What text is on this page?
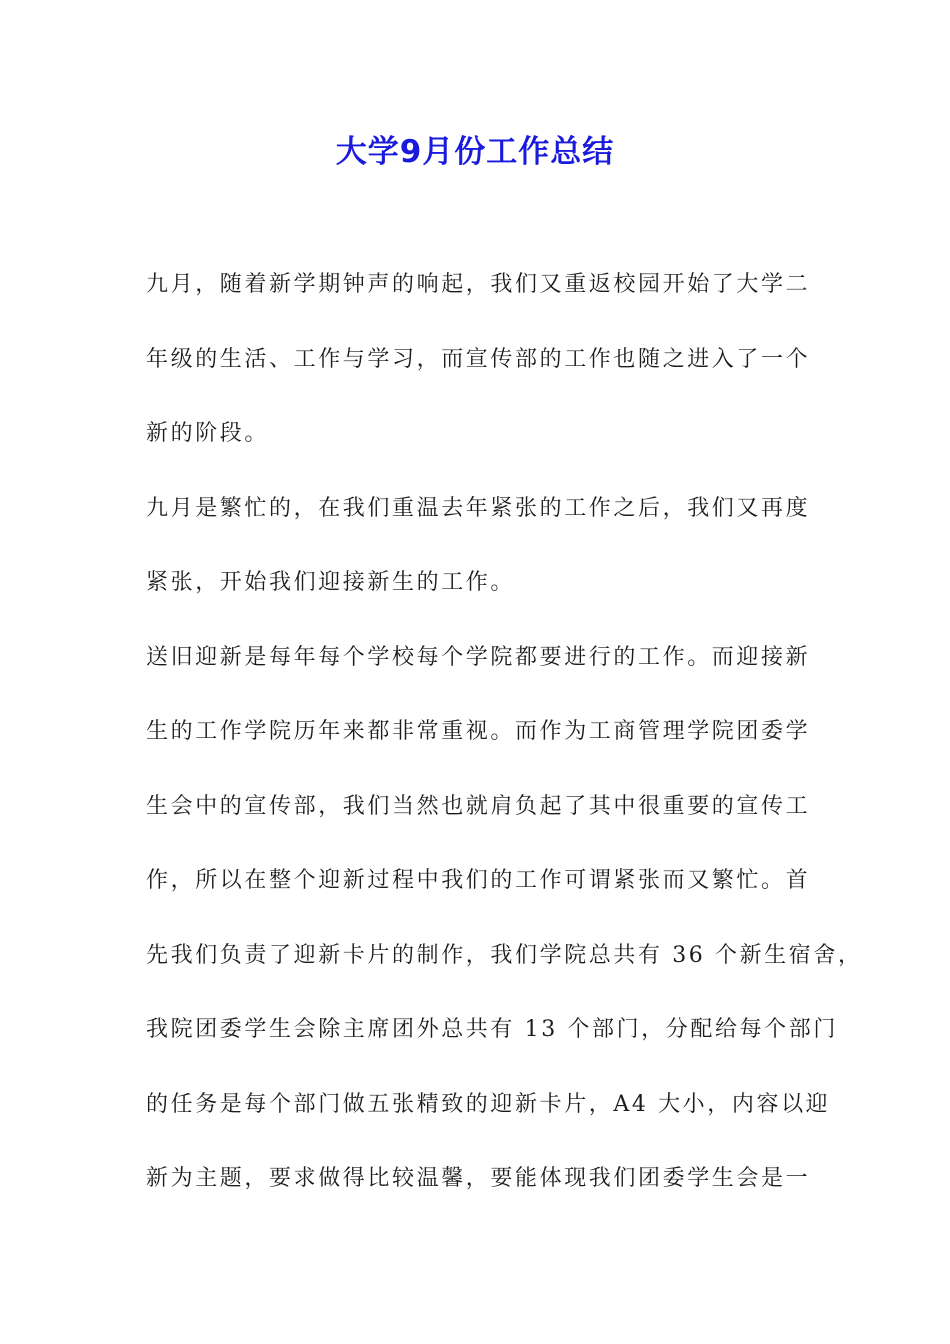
大学9月份工作总结
九月，随着新学期钟声的响起，我们又重返校园开始了大学二
年级的生活、工作与学习，而宣传部的工作也随之进入了一个
新的阶段。
九月是繁忙的，在我们重温去年紧张的工作之后，我们又再度
紧张，开始我们迎接新生的工作。
送旧迎新是每年每个学校每个学院都要进行的工作。而迎接新
生的工作学院历年来都非常重视。而作为工商管理学院团委学
生会中的宣传部，我们当然也就肩负起了其中很重要的宣传工
作，所以在整个迎新过程中我们的工作可谓紧张而又繁忙。首
先我们负责了迎新卡片的制作，我们学院总共有 36 个新生宿舍，
我院团委学生会除主席团外总共有 13 个部门，分配给每个部门
的任务是每个部门做五张精致的迎新卡片，A4 大小，内容以迎
新为主题，要求做得比较温馨，要能体现我们团委学生会是一
